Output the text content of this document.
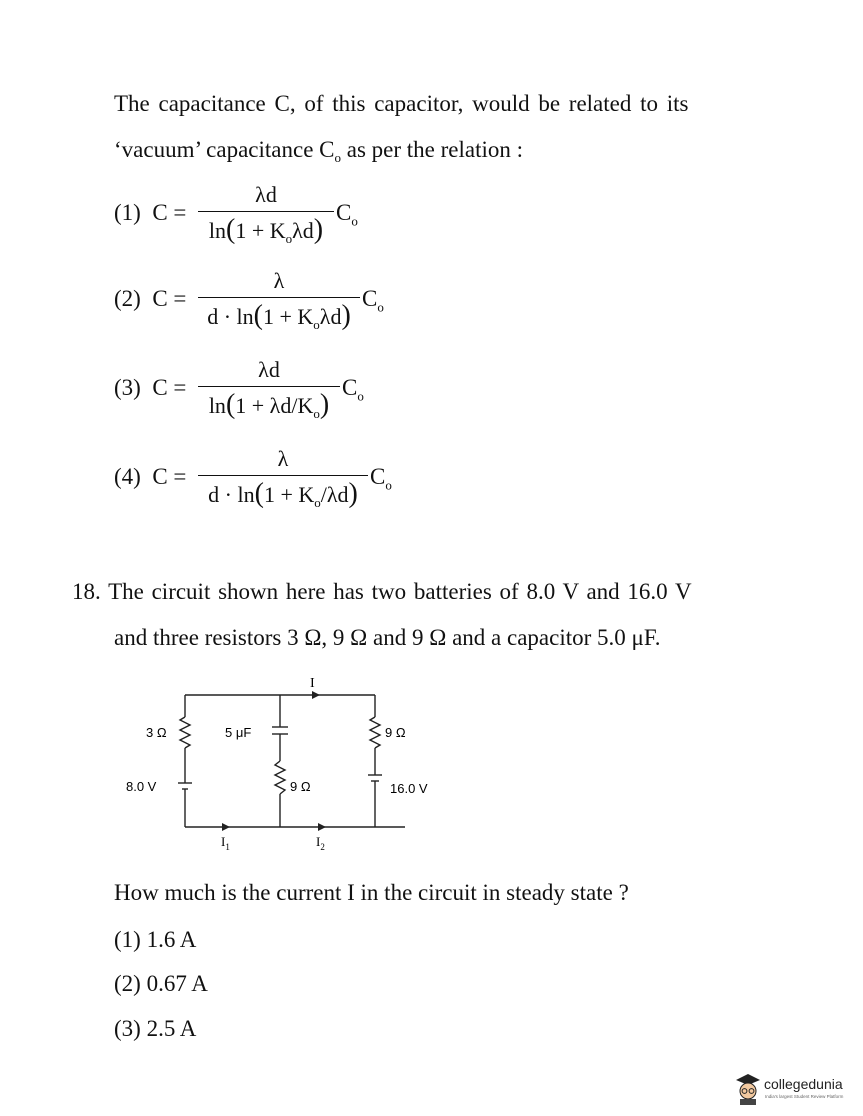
The capacitance C, of this capacitor, would be related to its
‘vacuum’ capacitance $C_o$ as per the relation :
(1) C =
λd
$\ln(1 + K_o\lambda d)$
$C_o$
(2) C =
λ
$d \cdot \ln(1 + K_o\lambda d)$
$C_o$
(3) C =
λd
$\ln(1 + \lambda d/K_o)$
$C_o$
(4) C =
λ
$d \cdot \ln(1 + K_o/\lambda d)$
$C_o$
18. The circuit shown here has two batteries of 8.0 V and 16.0 V
and three resistors 3 Ω, 9 Ω and 9 Ω and a capacitor 5.0 μF.
I
3 Ω	5 μF	9 Ω
8.0 V	9 Ω	16.0 V
$I_1$	$I_2$
How much is the current I in the circuit in steady state ?
(1) 1.6 A
(2) 0.67 A
(3) 2.5 A
collegedunia
India's largest Student Review Platform
